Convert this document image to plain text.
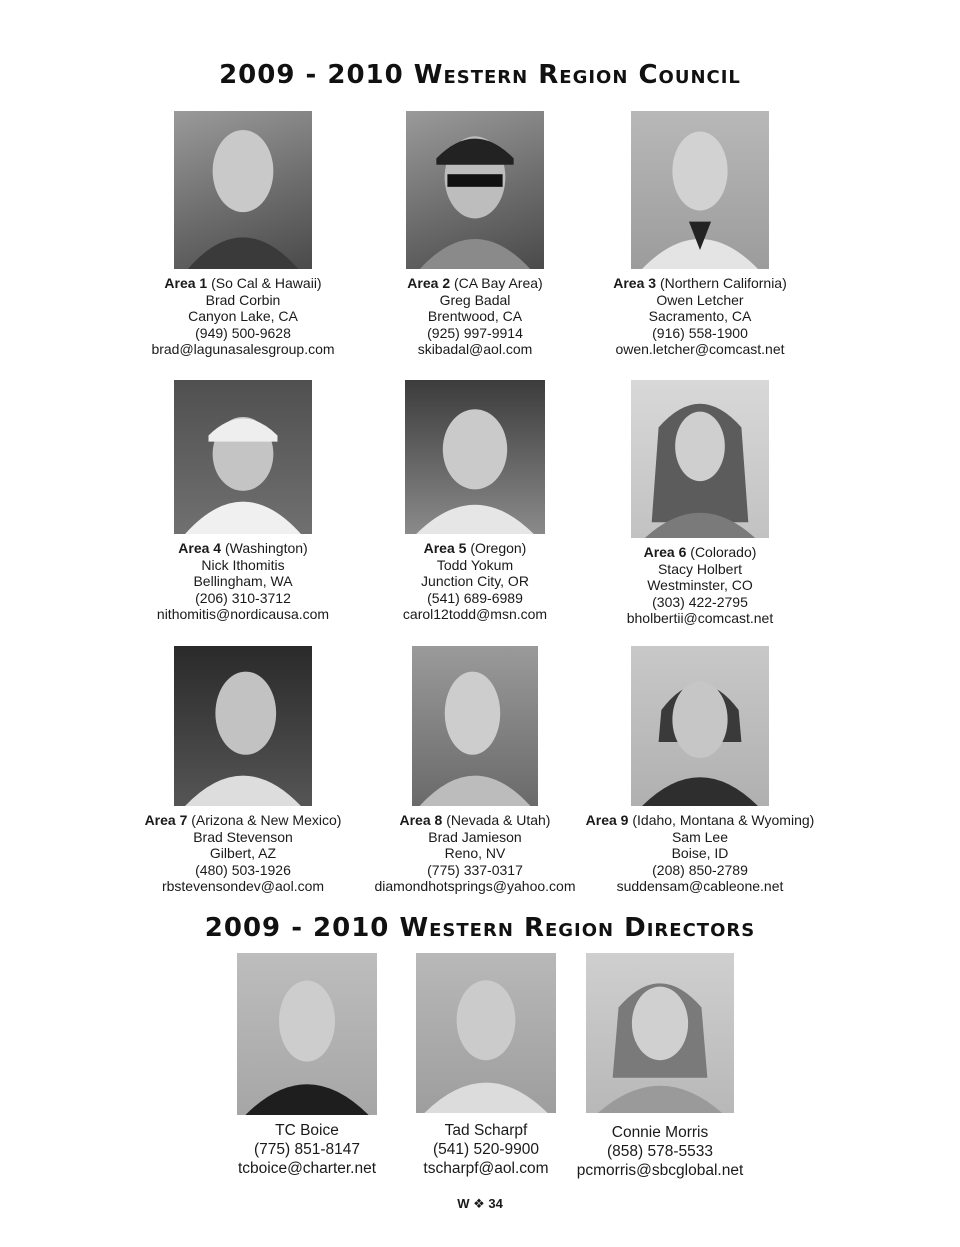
2009 - 2010 Western Region Council
Area 1 (So Cal & Hawaii)
Brad Corbin
Canyon Lake, CA
(949) 500-9628
brad@lagunasalesgroup.com
Area 2 (CA Bay Area)
Greg Badal
Brentwood, CA
(925) 997-9914
skibadal@aol.com
Area 3 (Northern California)
Owen Letcher
Sacramento, CA
(916) 558-1900
owen.letcher@comcast.net
Area 4 (Washington)
Nick Ithomitis
Bellingham, WA
(206) 310-3712
nithomitis@nordicausa.com
Area 5 (Oregon)
Todd Yokum
Junction City, OR
(541) 689-6989
carol12todd@msn.com
Area 6 (Colorado)
Stacy Holbert
Westminster, CO
(303) 422-2795
bholbertii@comcast.net
Area 7 (Arizona & New Mexico)
Brad Stevenson
Gilbert, AZ
(480) 503-1926
rbstevensondev@aol.com
Area 8 (Nevada & Utah)
Brad Jamieson
Reno, NV
(775) 337-0317
diamondhotsprings@yahoo.com
Area 9 (Idaho, Montana & Wyoming)
Sam Lee
Boise, ID
(208) 850-2789
suddensam@cableone.net
2009 - 2010 Western Region Directors
TC Boice
(775) 851-8147
tcboice@charter.net
Tad Scharpf
(541) 520-9900
tscharpf@aol.com
Connie Morris
(858) 578-5533
pcmorris@sbcglobal.net
W ❖ 34
